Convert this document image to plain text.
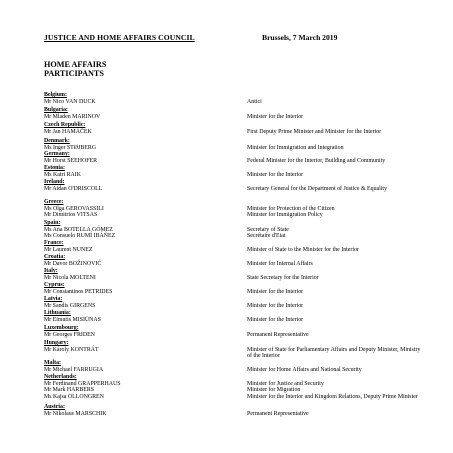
JUSTICE AND HOME AFFAIRS COUNCIL	Brussels, 7 March 2019
HOME AFFAIRS
PARTICIPANTS
Belgium:
Mr Nico VAN DUCK	Antici
Bulgaria:
Mr Mladen MARINOV	Minister for the Interior
Czech Republic:
Mr Jan HAMÁČEK	First Deputy Prime Minister and Minister for the Interior
Denmark:
Ms Inger STØJBERG	Minister for Immigration and Integration
Germany:
Mr Horst SEEHOFER	Federal Minister for the Interior, Building and Community
Estonia:
Ms Katri RAIK	Minister for the Interior
Ireland:
Mr Aidan O'DRISCOLL	Secretary General for the Department of Justice & Equality
Greece:
Ms Olga GEROVASSILI	Minister for Protection of the Citizen
Mr Dimitrios VITSAS	Minister for Immigration Policy
Spain:
Ms Ana BOTELLA GÓMEZ	Secretary of State
Ms Consuelo RUMÍ IBÁÑEZ	Secrétaire d'Etat
France:
Mr Laurent NUNEZ	Minister of State to the Minister for the Interior
Croatia:
Mr Davor BOŽINOVIĆ	Minister for Internal Affairs
Italy:
Mr Nicola MOLTENI	State Secretary for the Interior
Cyprus:
Mr Constantinos PETRIDES	Minister for the Interior
Latvia:
Mr Sandis GIRGENS	Minister for the Interior
Lithuania:
Mr Eimutis MISIŪNAS	Minister for the Interior
Luxembourg:
Mr Georges FRIDEN	Permanent Representative
Hungary:
Mr Károly KONTRÁT	Minister of State for Parliamentary Affairs and Deputy Minister, Ministry of the Interior
Malta:
Mr Michael FARRUGIA	Minister for Home Affairs and National Security
Netherlands:
Mr Ferdinand GRAPPERHAUS	Minister for Justice and Security
Mr Mark HARBERS	Minister for Migration
Ms Kajsa OLLONGREN	Minister for the Interior and Kingdom Relations, Deputy Prime Minister
Austria:
Mr Nikolaus MARSCHIK	Permanent Representative
